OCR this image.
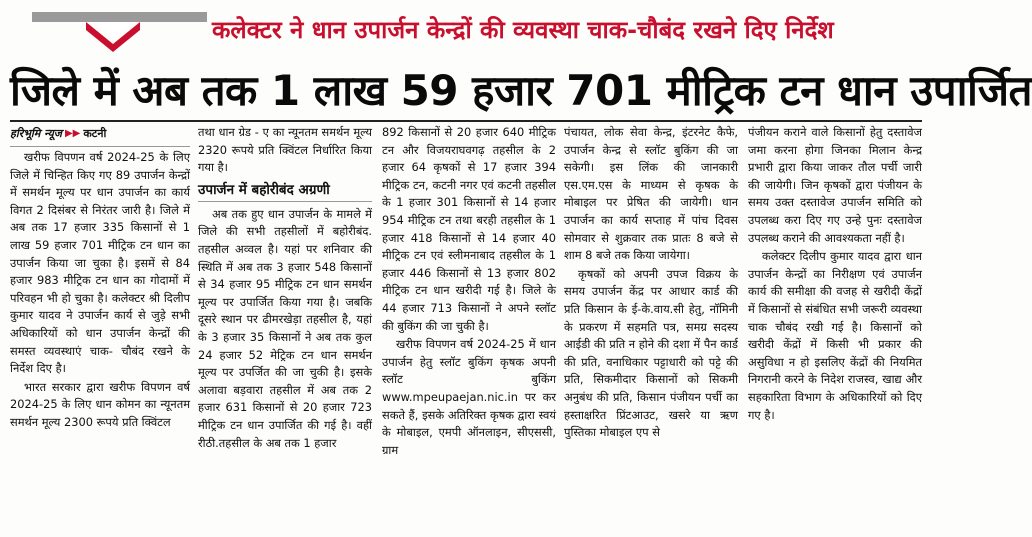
कलेक्टर ने धान उपार्जन केन्द्रों की व्यवस्था चाक-चौबंद रखने दिए निर्देश
जिले में अब तक 1 लाख 59 हजार 701 मीट्रिक टन धान उपार्जित
हरिभूमि न्यूज ▶▶ कटनी

खरीफ विपणन वर्ष 2024-25 के लिए जिले में चिन्हित किए गए 89 उपार्जन केन्द्रों में समर्थन मूल्य पर धान उपार्जन का कार्य विगत 2 दिसंबर से निरंतर जारी है। जिले में अब तक 17 हजार 335 किसानों से 1 लाख 59 हजार 701 मीट्रिक टन धान का उपार्जन किया जा चुका है। इसमें से 84 हजार 983 मीट्रिक टन धान का गोदामों में परिवहन भी हो चुका है। कलेक्टर श्री दिलीप कुमार यादव ने उपार्जन कार्य से जुड़े सभी अधिकारियों को धान उपार्जन केन्द्रों की समस्त व्यवस्थाएं चाक- चौबंद रखने के निर्देश दिए है।

भारत सरकार द्वारा खरीफ विपणन वर्ष 2024-25 के लिए धान कोमन का न्यूनतम समर्थन मूल्य 2300 रूपये प्रति क्विंटल

तथा धान ग्रेड - ए का न्यूनतम समर्थन मूल्य 2320 रूपये प्रति क्विंटल निर्धारित किया गया है।

उपार्जन में बहोरीबंद अग्रणी

अब तक हुए धान उपार्जन के मामले में जिले की सभी तहसीलों में बहोरीबंद. तहसील अव्वल है। यहां पर शनिवार की स्थिति में अब तक 3 हजार 548 किसानों से 34 हजार 95 मीट्रिक टन धान समर्थन मूल्य पर उपार्जित किया गया है। जबकि दूसरे स्थान पर ढीमरखेड़ा तहसील है, यहां के 3 हजार 35 किसानों ने अब तक कुल 24 हजार 52 मेट्रिक टन धान समर्थन मूल्य पर उपर्जित की जा चुकी है। इसके अलावा बड़वारा तहसील में अब तक 2 हजार 631 किसानों से 20 हजार 723 मीट्रिक टन धान उपार्जित की गई है। वहीं रीठी.तहसील के अब तक 1 हजार

892 किसानों से 20 हजार 640 मीट्रिक टन और विजयराघवगढ़ तहसील के 2 हजार 64 कृषकों से 17 हजार 394 मीट्रिक टन, कटनी नगर एवं कटनी तहसील के 1 हजार 301 किसानों से 14 हजार 954 मीट्रिक टन तथा बरही तहसील के 1 हजार 418 किसानों से 14 हजार 40 मीट्रिक टन एवं स्लीमनाबाद तहसील के 1 हजार 446 किसानों से 13 हजार 802 मीट्रिक टन धान खरीदी गई है। जिले के 44 हजार 713 किसानों ने अपने स्लॉट की बुकिंग की जा चुकी है।

खरीफ विपणन वर्ष 2024-25 में धान उपार्जन हेतु स्लॉट बुकिंग कृषक अपनी स्लॉट बुकिंग www.mpeupaejan.nic.in पर कर सकते हैं, इसके अतिरिक्त कृषक द्वारा स्वयं के मोबाइल, एमपी ऑनलाइन, सीएससी, ग्राम

पंचायत, लोक सेवा केन्द्र, इंटरनेट कैफे, उपार्जन केन्द्र से स्लॉट बुकिंग की जा सकेगी। इस लिंक की जानकारी एस.एम.एस के माध्यम से कृषक के मोबाइल पर प्रेषित की जायेगी। धान उपार्जन का कार्य सप्ताह में पांच दिवस सोमवार से शुक्रवार तक प्रातः 8 बजे से शाम 8 बजे तक किया जायेगा।

कृषकों को अपनी उपज विक्रय के समय उपार्जन केंद्र पर आधार कार्ड की प्रति किसान के ई-के.वाय.सी हेतु, नॉमिनी के प्रकरण में सहमति पत्र, समग्र सदस्य आईडी की प्रति न होने की दशा में पैन कार्ड की प्रति, वनाधिकार पट्टाधारी को पट्टे की प्रति, सिकमीदार किसानों को सिकमी अनुबंध की प्रति, किसान पंजीयन पर्ची का हस्ताक्षरित प्रिंटआउट, खसरे या ऋण पुस्तिका मोबाइल एप से

पंजीयन कराने वाले किसानों हेतु दस्तावेज जमा करना होगा जिनका मिलान केन्द्र प्रभारी द्वारा किया जाकर तौल पर्ची जारी की जायेगी। जिन कृषकों द्वारा पंजीयन के समय उक्त दस्तावेज उपार्जन समिति को उपलब्ध करा दिए गए उन्हे पुनः दस्तावेज उपलब्ध कराने की आवश्यकता नहीं है।

कलेक्टर दिलीप कुमार यादव द्वारा धान उपार्जन केन्द्रों का निरीक्षण एवं उपार्जन कार्य की समीक्षा की वजह से खरीदी केंद्रों में किसानों से संबंधित सभी जरूरी व्यवस्था चाक चौबंद रखी गई है। किसानों को खरीदी केंद्रों में किसी भी प्रकार की असुविधा न हो इसलिए केंद्रों की नियमित निगरानी करने के निदेश राजस्व, खाद्य और सहकारिता विभाग के अधिकारियों को दिए गए है।
